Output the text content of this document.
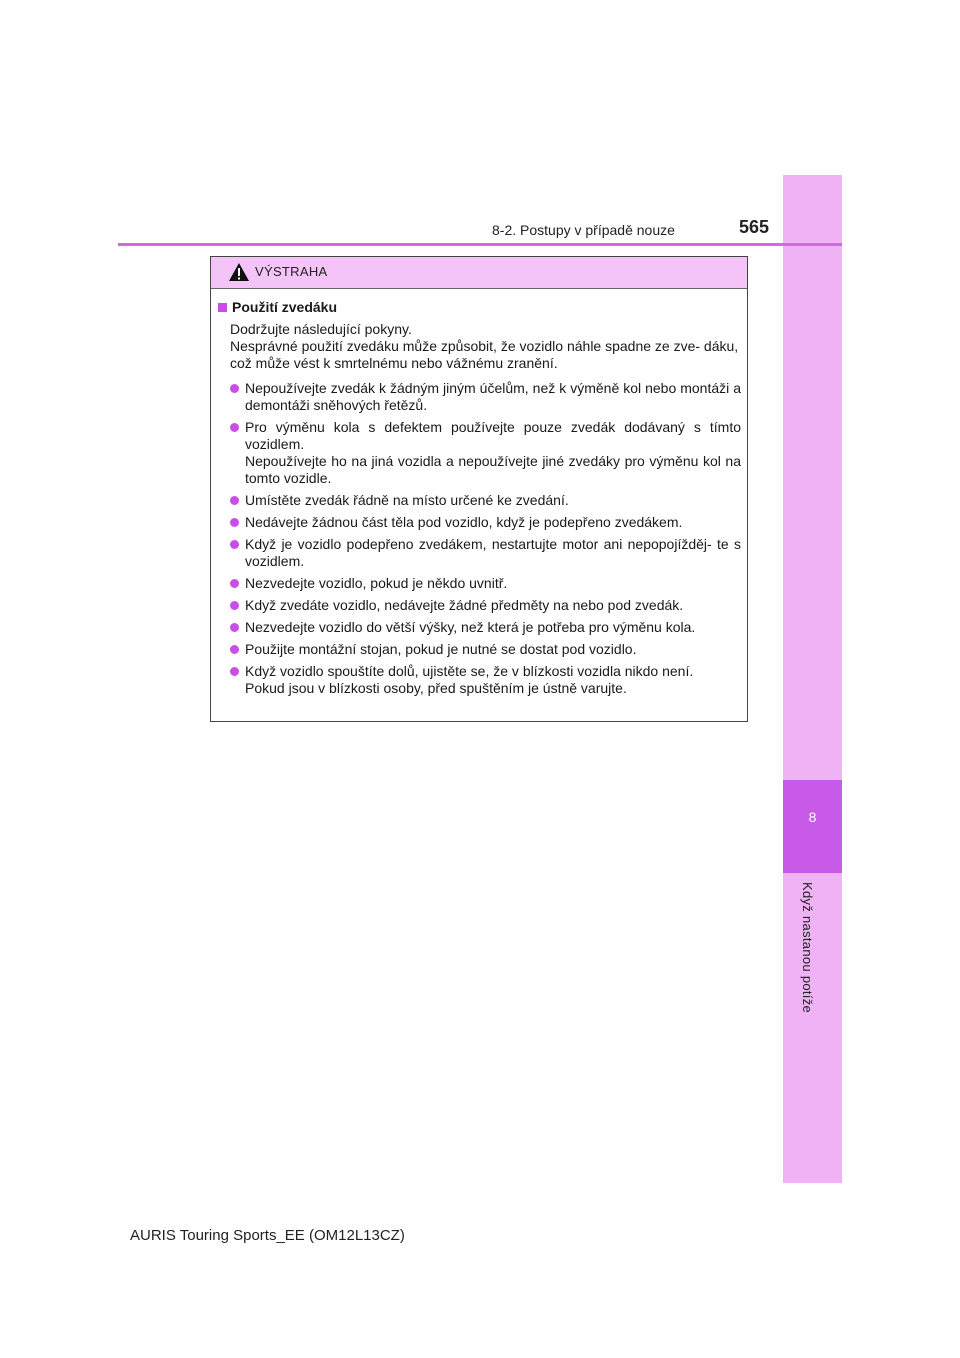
8
Když nastanou potíže
8-2. Postupy v případě nouze	565
VÝSTRAHA
Použití zvedáku

Dodržujte následující pokyny.

Nesprávné použití zvedáku může způsobit, že vozidlo náhle spadne ze zve- dáku, což může vést k smrtelnému nebo vážnému zranění.

Nepoužívejte zvedák k žádným jiným účelům, než k výměně kol nebo montáži a demontáži sněhových řetězů.

Pro výměnu kola s defektem používejte pouze zvedák dodávaný s tímto vozidlem.

Nepoužívejte ho na jiná vozidla a nepoužívejte jiné zvedáky pro výměnu kol na tomto vozidle.

Umístěte zvedák řádně na místo určené ke zvedání.

Nedávejte žádnou část těla pod vozidlo, když je podepřeno zvedákem.

Když je vozidlo podepřeno zvedákem, nestartujte motor ani nepopojížděj- te s vozidlem.

Nezvedejte vozidlo, pokud je někdo uvnitř.

Když zvedáte vozidlo, nedávejte žádné předměty na nebo pod zvedák.

Nezvedejte vozidlo do větší výšky, než která je potřeba pro výměnu kola.

Použijte montážní stojan, pokud je nutné se dostat pod vozidlo.

Když vozidlo spouštíte dolů, ujistěte se, že v blízkosti vozidla nikdo není.

Pokud jsou v blízkosti osoby, před spuštěním je ústně varujte.

AURIS Touring Sports_EE (OM12L13CZ)
